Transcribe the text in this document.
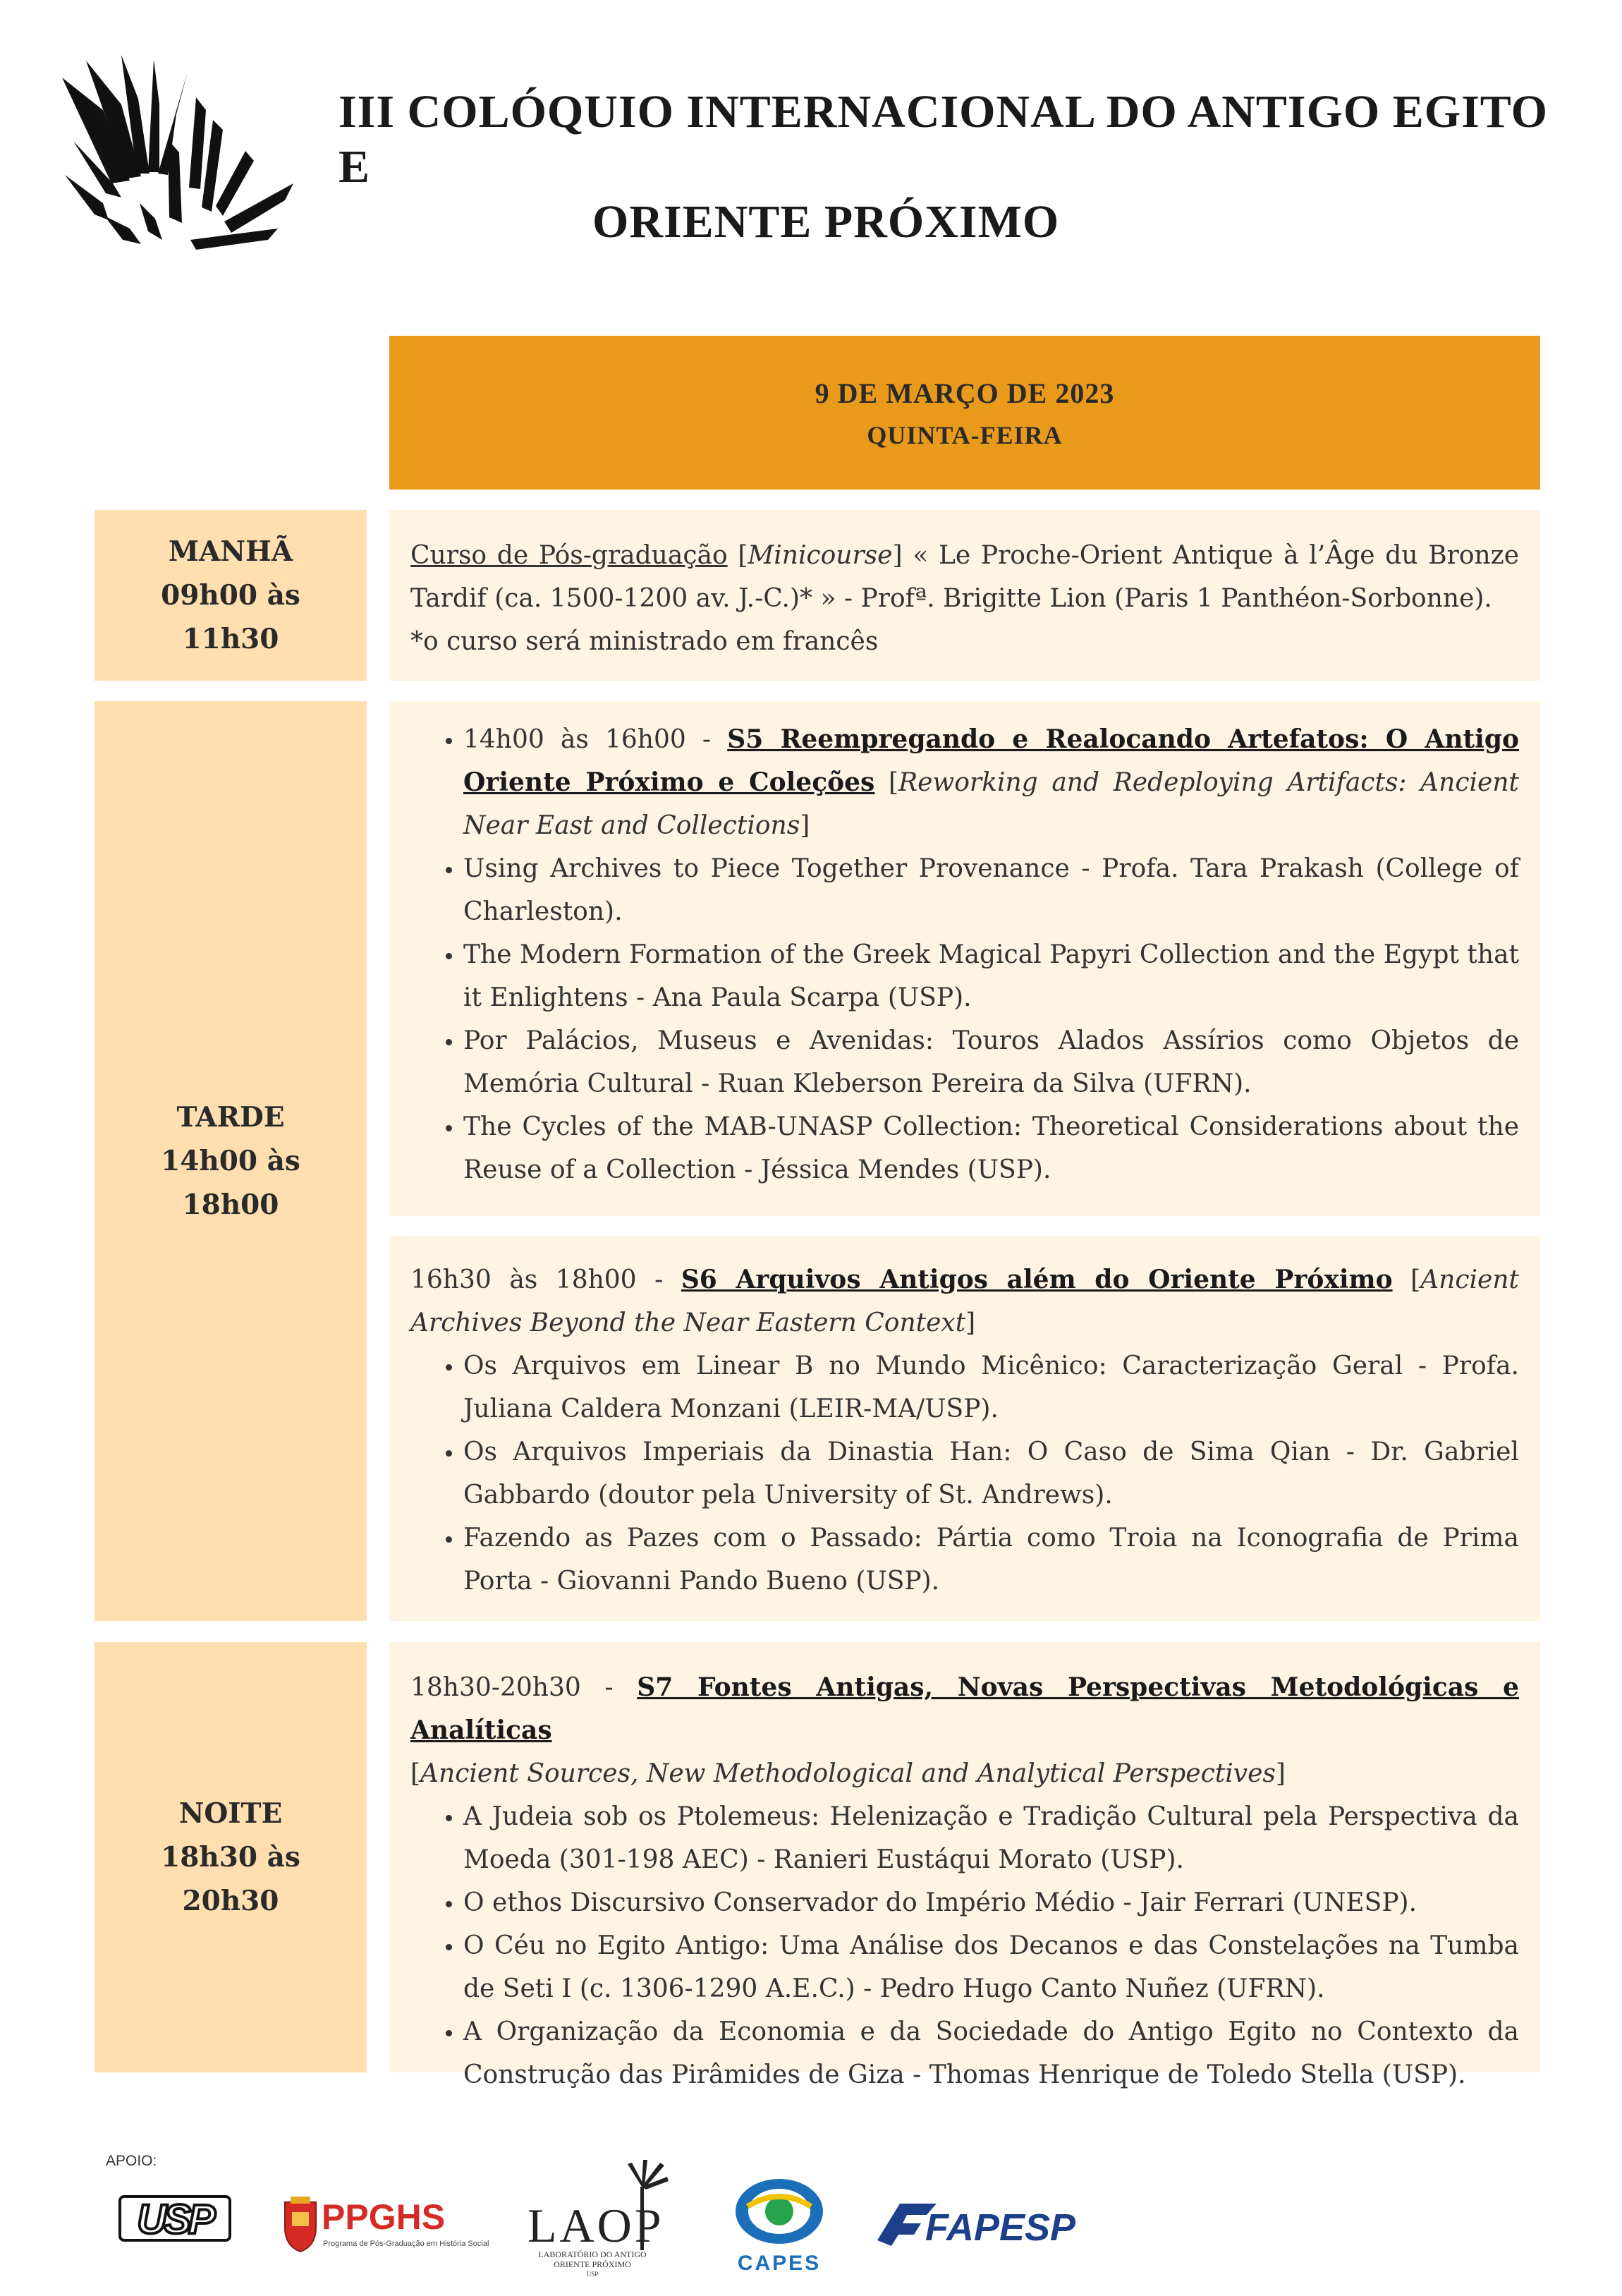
III COLÓQUIO INTERNACIONAL DO ANTIGO EGITO E
ORIENTE PRÓXIMO
9 DE MARÇO DE 2023
QUINTA-FEIRA
MANHÃ
09h00 às
11h30
TARDE
14h00 às
18h00
NOITE
18h30 às
20h30
Curso de Pós-graduação [Minicourse] « Le Proche-Orient Antique à l’Âge du Bronze Tardif (ca. 1500-1200 av. J.-C.)* » - Profª. Brigitte Lion (Paris 1 Panthéon-Sorbonne).
*o curso será ministrado em francês
• 14h00 às 16h00 - S5 Reempregando e Realocando Artefatos: O Antigo Oriente Próximo e Coleções [Reworking and Redeploying Artifacts: Ancient Near East and Collections]
• Using Archives to Piece Together Provenance - Profa. Tara Prakash (College of Charleston).
• The Modern Formation of the Greek Magical Papyri Collection and the Egypt that it Enlightens - Ana Paula Scarpa (USP).
• Por Palácios, Museus e Avenidas: Touros Alados Assírios como Objetos de Memória Cultural - Ruan Kleberson Pereira da Silva (UFRN).
• The Cycles of the MAB-UNASP Collection: Theoretical Considerations about the Reuse of a Collection - Jéssica Mendes (USP).
16h30 às 18h00 - S6 Arquivos Antigos além do Oriente Próximo [Ancient Archives Beyond the Near Eastern Context]
• Os Arquivos em Linear B no Mundo Micênico: Caracterização Geral - Profa. Juliana Caldera Monzani (LEIR-MA/USP).
• Os Arquivos Imperiais da Dinastia Han: O Caso de Sima Qian - Dr. Gabriel Gabbardo (doutor pela University of St. Andrews).
• Fazendo as Pazes com o Passado: Pártia como Troia na Iconografia de Prima Porta - Giovanni Pando Bueno (USP).
18h30-20h30 - S7 Fontes Antigas, Novas Perspectivas Metodológicas e Analíticas
[Ancient Sources, New Methodological and Analytical Perspectives]
• A Judeia sob os Ptolemeus: Helenização e Tradição Cultural pela Perspectiva da Moeda (301-198 AEC) - Ranieri Eustáqui Morato (USP).
• O ethos Discursivo Conservador do Império Médio - Jair Ferrari (UNESP).
• O Céu no Egito Antigo: Uma Análise dos Decanos e das Constelações na Tumba de Seti I (c. 1306-1290 A.E.C.) - Pedro Hugo Canto Nuñez (UFRN).
• A Organização da Economia e da Sociedade do Antigo Egito no Contexto da Construção das Pirâmides de Giza - Thomas Henrique de Toledo Stella (USP).
APOIO:
USP	PPGHS
Programa de Pós-Graduação em História Social LAOP
LABORATÓRIO DO ANTIGO
ORIENTE PRÓXIMO
USP	CAPES
FAPESP
